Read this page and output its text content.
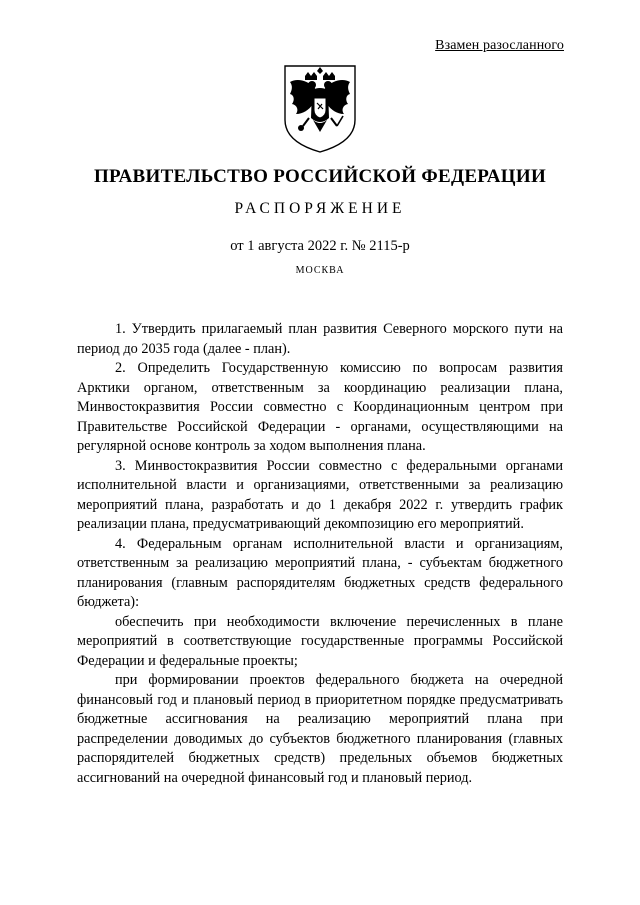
Взамен разосланного
ПРАВИТЕЛЬСТВО РОССИЙСКОЙ ФЕДЕРАЦИИ
РАСПОРЯЖЕНИЕ
от 1 августа 2022 г. № 2115-р
МОСКВА

1. Утвердить прилагаемый план развития Северного морского пути на период до 2035 года (далее - план).

2. Определить Государственную комиссию по вопросам развития Арктики органом, ответственным за координацию реализации плана, Минвостокразвития России совместно с Координационным центром при Правительстве Российской Федерации - органами, осуществляющими на регулярной основе контроль за ходом выполнения плана.

3. Минвостокразвития России совместно с федеральными органами исполнительной власти и организациями, ответственными за реализацию мероприятий плана, разработать и до 1 декабря 2022 г. утвердить график реализации плана, предусматривающий декомпозицию его мероприятий.

4. Федеральным органам исполнительной власти и организациям, ответственным за реализацию мероприятий плана, - субъектам бюджетного планирования (главным распорядителям бюджетных средств федерального бюджета):

обеспечить при необходимости включение перечисленных в плане мероприятий в соответствующие государственные программы Российской Федерации и федеральные проекты;

при формировании проектов федерального бюджета на очередной финансовый год и плановый период в приоритетном порядке предусматривать бюджетные ассигнования на реализацию мероприятий плана при распределении доводимых до субъектов бюджетного планирования (главных распорядителей бюджетных средств) предельных объемов бюджетных ассигнований на очередной финансовый год и плановый период.
